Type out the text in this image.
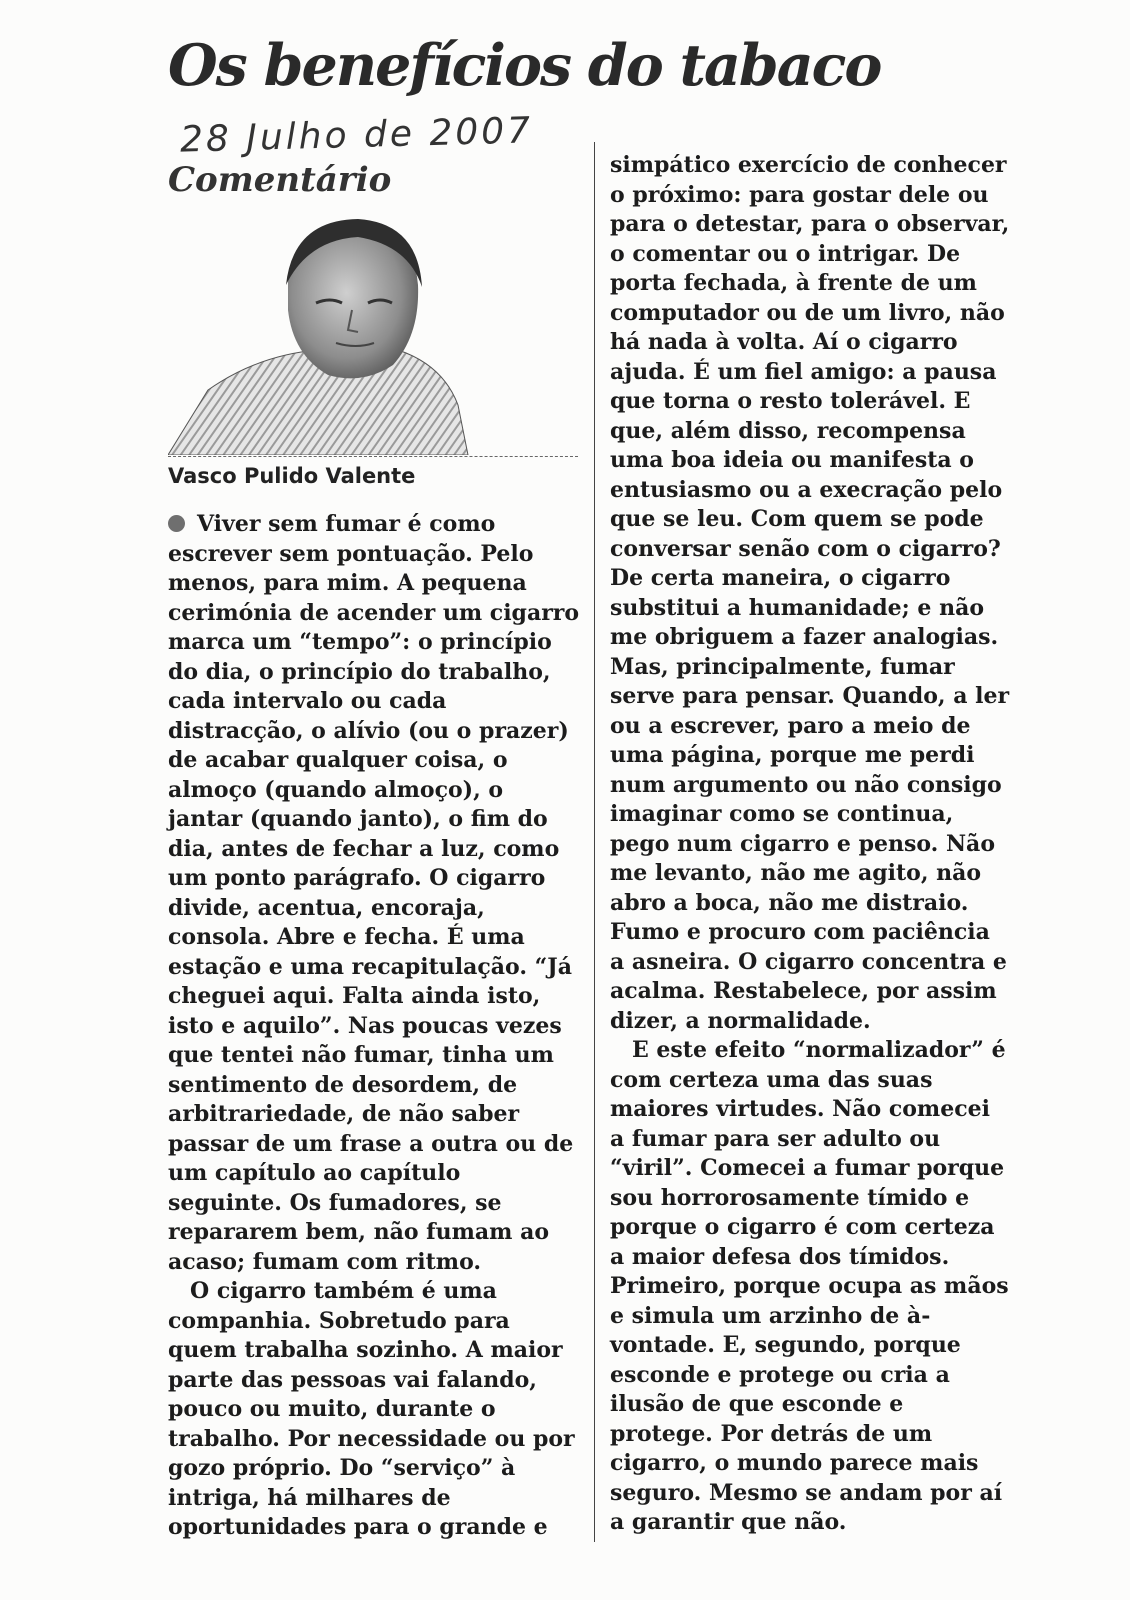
Os benefícios do tabaco
28 Julho de 2007
Comentário
Vasco Pulido Valente

Viver sem fumar é como escrever sem pontuação. Pelo menos, para mim. A pequena cerimónia de acender um cigarro marca um “tempo”: o princípio do dia, o princípio do trabalho, cada intervalo ou cada distracção, o alívio (ou o prazer) de acabar qualquer coisa, o almoço (quando almoço), o jantar (quando janto), o fim do dia, antes de fechar a luz, como um ponto parágrafo. O cigarro divide, acentua, encoraja, consola. Abre e fecha. É uma estação e uma recapitulação. “Já cheguei aqui. Falta ainda isto, isto e aquilo”. Nas poucas vezes que tentei não fumar, tinha um sentimento de desordem, de arbitrariedade, de não saber passar de um frase a outra ou de um capítulo ao capítulo seguinte. Os fumadores, se repararem bem, não fumam ao acaso; fumam com ritmo.

O cigarro também é uma companhia. Sobretudo para quem trabalha sozinho. A maior parte das pessoas vai falando, pouco ou muito, durante o trabalho. Por necessidade ou por gozo próprio. Do “serviço” à intriga, há milhares de oportunidades para o grande e

simpático exercício de conhecer o próximo: para gostar dele ou para o detestar, para o observar, o comentar ou o intrigar. De porta fechada, à frente de um computador ou de um livro, não há nada à volta. Aí o cigarro ajuda. É um fiel amigo: a pausa que torna o resto tolerável. E que, além disso, recompensa uma boa ideia ou manifesta o entusiasmo ou a execração pelo que se leu. Com quem se pode conversar senão com o cigarro? De certa maneira, o cigarro substitui a humanidade; e não me obriguem a fazer analogias. Mas, principalmente, fumar serve para pensar. Quando, a ler ou a escrever, paro a meio de uma página, porque me perdi num argumento ou não consigo imaginar como se continua, pego num cigarro e penso. Não me levanto, não me agito, não abro a boca, não me distraio. Fumo e procuro com paciência a asneira. O cigarro concentra e acalma. Restabelece, por assim dizer, a normalidade.

E este efeito “normalizador” é com certeza uma das suas maiores virtudes. Não comecei a fumar para ser adulto ou “viril”. Comecei a fumar porque sou horrorosamente tímido e porque o cigarro é com certeza a maior defesa dos tímidos. Primeiro, porque ocupa as mãos e simula um arzinho de à-vontade. E, segundo, porque esconde e protege ou cria a ilusão de que esconde e protege. Por detrás de um cigarro, o mundo parece mais seguro. Mesmo se andam por aí a garantir que não.
